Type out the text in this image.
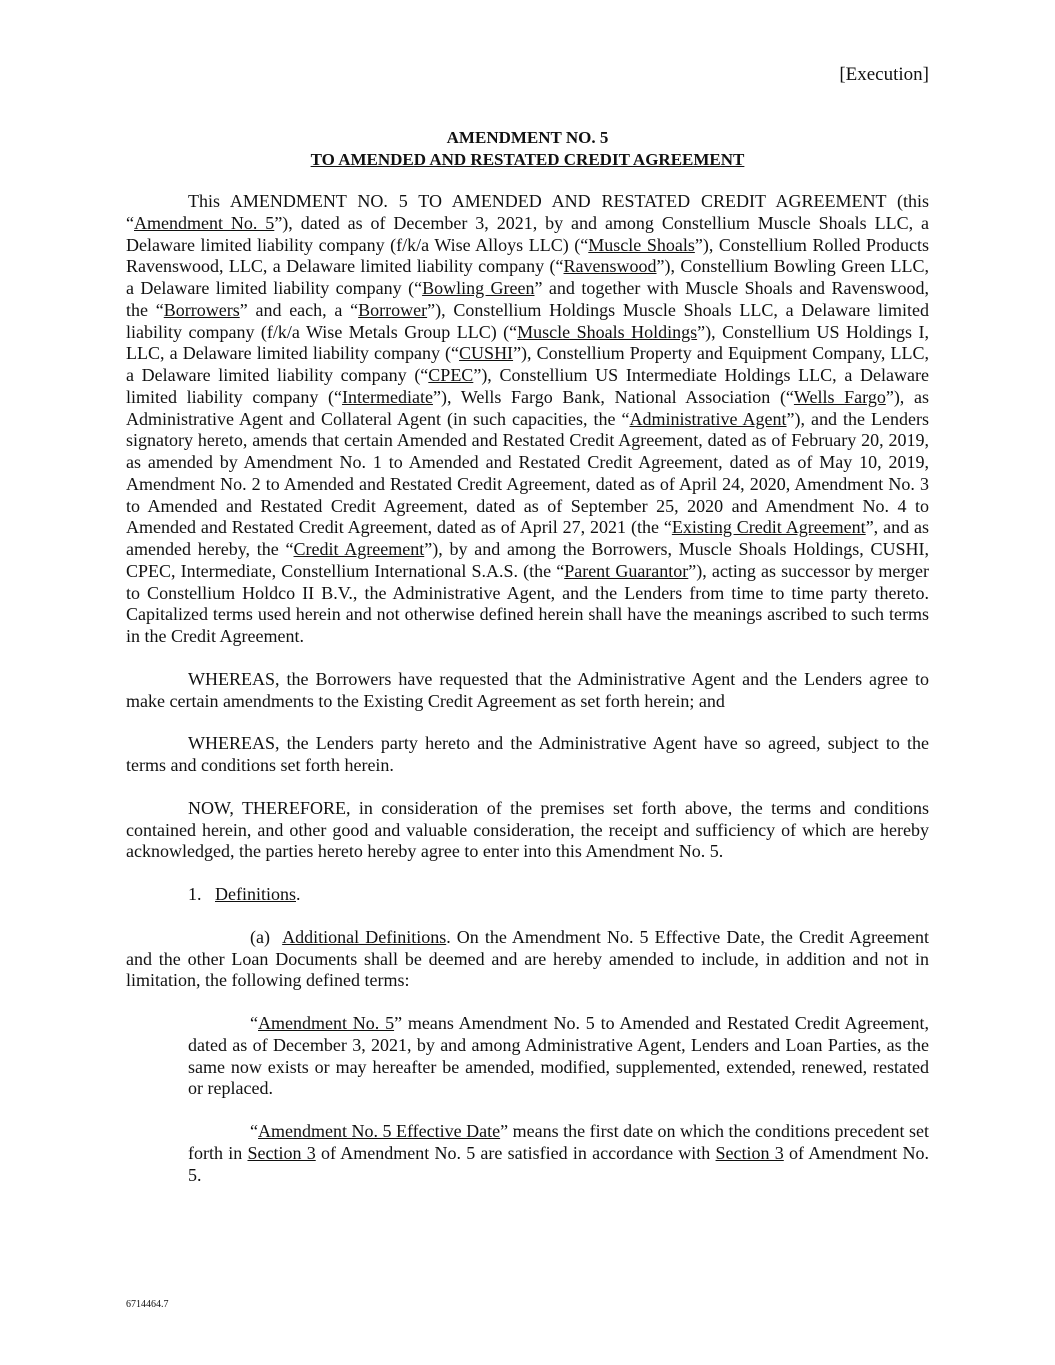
[Execution]
AMENDMENT NO. 5
TO AMENDED AND RESTATED CREDIT AGREEMENT

This AMENDMENT NO. 5 TO AMENDED AND RESTATED CREDIT AGREEMENT (this “Amendment No. 5”), dated as of December 3, 2021, by and among Constellium Muscle Shoals LLC, a Delaware limited liability company (f/k/a Wise Alloys LLC) (“Muscle Shoals”), Constellium Rolled Products Ravenswood, LLC, a Delaware limited liability company (“Ravenswood”), Constellium Bowling Green LLC, a Delaware limited liability company (“Bowling Green” and together with Muscle Shoals and Ravenswood, the “Borrowers” and each, a “Borrower”), Constellium Holdings Muscle Shoals LLC, a Delaware limited liability company (f/k/a Wise Metals Group LLC) (“Muscle Shoals Holdings”), Constellium US Holdings I, LLC, a Delaware limited liability company (“CUSHI”), Constellium Property and Equipment Company, LLC, a Delaware limited liability company (“CPEC”), Constellium US Intermediate Holdings LLC, a Delaware limited liability company (“Intermediate”), Wells Fargo Bank, National Association (“Wells Fargo”), as Administrative Agent and Collateral Agent (in such capacities, the “Administrative Agent”), and the Lenders signatory hereto, amends that certain Amended and Restated Credit Agreement, dated as of February 20, 2019, as amended by Amendment No. 1 to Amended and Restated Credit Agreement, dated as of May 10, 2019, Amendment No. 2 to Amended and Restated Credit Agreement, dated as of April 24, 2020, Amendment No. 3 to Amended and Restated Credit Agreement, dated as of September 25, 2020 and Amendment No. 4 to Amended and Restated Credit Agreement, dated as of April 27, 2021 (the “Existing Credit Agreement”, and as amended hereby, the “Credit Agreement”), by and among the Borrowers, Muscle Shoals Holdings, CUSHI, CPEC, Intermediate, Constellium International S.A.S. (the “Parent Guarantor”), acting as successor by merger to Constellium Holdco II B.V., the Administrative Agent, and the Lenders from time to time party thereto. Capitalized terms used herein and not otherwise defined herein shall have the meanings ascribed to such terms in the Credit Agreement.

WHEREAS, the Borrowers have requested that the Administrative Agent and the Lenders agree to make certain amendments to the Existing Credit Agreement as set forth herein; and

WHEREAS, the Lenders party hereto and the Administrative Agent have so agreed, subject to the terms and conditions set forth herein.

NOW, THEREFORE, in consideration of the premises set forth above, the terms and conditions contained herein, and other good and valuable consideration, the receipt and sufficiency of which are hereby acknowledged, the parties hereto hereby agree to enter into this Amendment No. 5.

1. Definitions.

(a) Additional Definitions. On the Amendment No. 5 Effective Date, the Credit Agreement and the other Loan Documents shall be deemed and are hereby amended to include, in addition and not in limitation, the following defined terms:

“Amendment No. 5” means Amendment No. 5 to Amended and Restated Credit Agreement, dated as of December 3, 2021, by and among Administrative Agent, Lenders and Loan Parties, as the same now exists or may hereafter be amended, modified, supplemented, extended, renewed, restated or replaced.

“Amendment No. 5 Effective Date” means the first date on which the conditions precedent set forth in Section 3 of Amendment No. 5 are satisfied in accordance with Section 3 of Amendment No. 5.

6714464.7
